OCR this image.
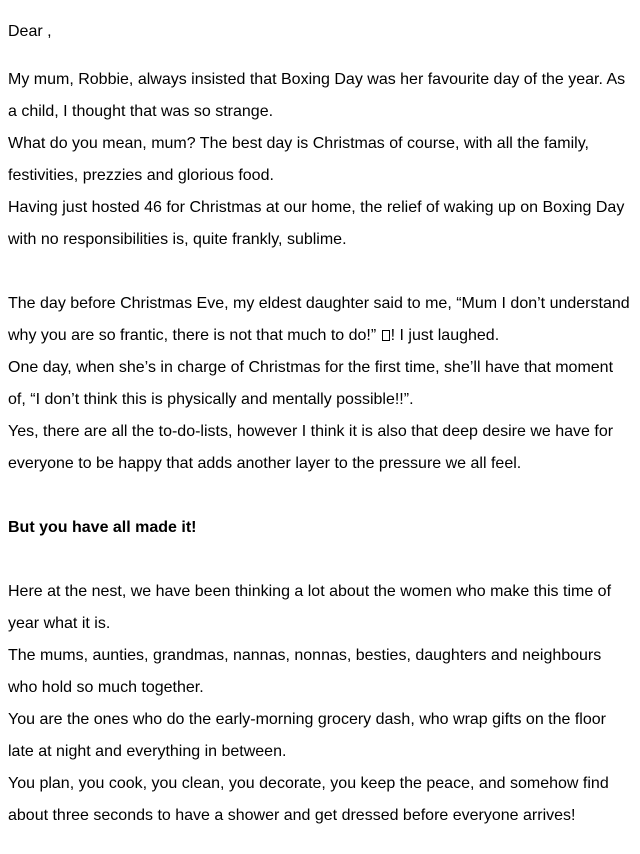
Dear ,

My mum, Robbie, always insisted that Boxing Day was her favourite day of the year. As a child, I thought that was so strange.

What do you mean, mum? The best day is Christmas of course, with all the family, festivities, prezzies and glorious food.

Having just hosted 46 for Christmas at our home, the relief of waking up on Boxing Day with no responsibilities is, quite frankly, sublime.

The day before Christmas Eve, my eldest daughter said to me, “Mum I don’t understand why you are so frantic, there is not that much to do!” ! I just laughed.

One day, when she’s in charge of Christmas for the first time, she’ll have that moment of, “I don’t think this is physically and mentally possible!!”.

Yes, there are all the to-do-lists, however I think it is also that deep desire we have for everyone to be happy that adds another layer to the pressure we all feel.

But you have all made it!

Here at the nest, we have been thinking a lot about the women who make this time of year what it is.

The mums, aunties, grandmas, nannas, nonnas, besties, daughters and neighbours who hold so much together.

You are the ones who do the early-morning grocery dash, who wrap gifts on the floor late at night and everything in between.

You plan, you cook, you clean, you decorate, you keep the peace, and somehow find about three seconds to have a shower and get dressed before everyone arrives!
